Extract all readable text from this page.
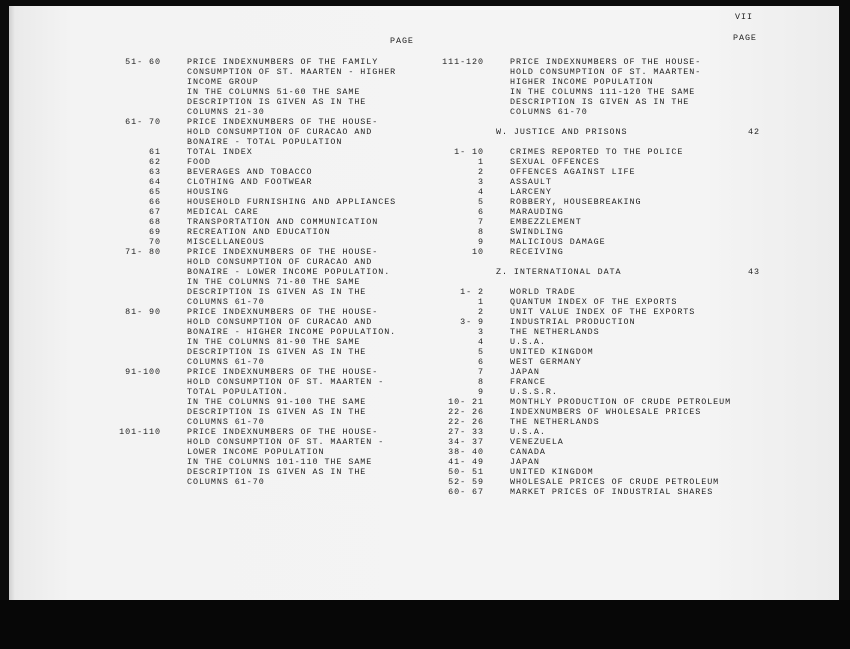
VII
PAGE	PAGE
51- 60	PRICE INDEXNUMBERS OF THE FAMILY
CONSUMPTION OF ST. MAARTEN - HIGHER
INCOME GROUP
IN THE COLUMNS 51-60 THE SAME
DESCRIPTION IS GIVEN AS IN THE
COLUMNS 21-30
61- 70	PRICE INDEXNUMBERS OF THE HOUSE-
HOLD CONSUMPTION OF CURACAO AND
BONAIRE - TOTAL POPULATION
61	TOTAL INDEX
62	FOOD
63	BEVERAGES AND TOBACCO
64	CLOTHING AND FOOTWEAR
65	HOUSING
66	HOUSEHOLD FURNISHING AND APPLIANCES
67	MEDICAL CARE
68	TRANSPORTATION AND COMMUNICATION
69	RECREATION AND EDUCATION
70	MISCELLANEOUS
71- 80	PRICE INDEXNUMBERS OF THE HOUSE-
HOLD CONSUMPTION OF CURACAO AND
BONAIRE - LOWER INCOME POPULATION.
IN THE COLUMNS 71-80 THE SAME
DESCRIPTION IS GIVEN AS IN THE
COLUMNS 61-70
81- 90	PRICE INDEXNUMBERS OF THE HOUSE-
HOLD CONSUMPTION OF CURACAO AND
BONAIRE - HIGHER INCOME POPULATION.
IN THE COLUMNS 81-90 THE SAME
DESCRIPTION IS GIVEN AS IN THE
COLUMNS 61-70
91-100	PRICE INDEXNUMBERS OF THE HOUSE-
HOLD CONSUMPTION OF ST. MAARTEN -
TOTAL POPULATION.
IN THE COLUMNS 91-100 THE SAME
DESCRIPTION IS GIVEN AS IN THE
COLUMNS 61-70
101-110	PRICE INDEXNUMBERS OF THE HOUSE-
HOLD CONSUMPTION OF ST. MAARTEN -
LOWER INCOME POPULATION
IN THE COLUMNS 101-110 THE SAME
DESCRIPTION IS GIVEN AS IN THE
COLUMNS 61-70
111-120	PRICE INDEXNUMBERS OF THE HOUSE-
HOLD CONSUMPTION OF ST. MAARTEN-
HIGHER INCOME POPULATION
IN THE COLUMNS 111-120 THE SAME
DESCRIPTION IS GIVEN AS IN THE
COLUMNS 61-70
W. JUSTICE AND PRISONS	42
1- 10	CRIMES REPORTED TO THE POLICE
1	SEXUAL OFFENCES
2	OFFENCES AGAINST LIFE
3	ASSAULT
4	LARCENY
5	ROBBERY, HOUSEBREAKING
6	MARAUDING
7	EMBEZZLEMENT
8	SWINDLING
9	MALICIOUS DAMAGE
10	RECEIVING
Z. INTERNATIONAL DATA	43
1- 2	WORLD TRADE
1	QUANTUM INDEX OF THE EXPORTS
2	UNIT VALUE INDEX OF THE EXPORTS
3- 9	INDUSTRIAL PRODUCTION
3	THE NETHERLANDS
4	U.S.A.
5	UNITED KINGDOM
6	WEST GERMANY
7	JAPAN
8	FRANCE
9	U.S.S.R.
10- 21	MONTHLY PRODUCTION OF CRUDE PETROLEUM
22- 26	INDEXNUMBERS OF WHOLESALE PRICES
22- 26	THE NETHERLANDS
27- 33	U.S.A.
34- 37	VENEZUELA
38- 40	CANADA
41- 49	JAPAN
50- 51	UNITED KINGDOM
52- 59	WHOLESALE PRICES OF CRUDE PETROLEUM
60- 67	MARKET PRICES OF INDUSTRIAL SHARES
